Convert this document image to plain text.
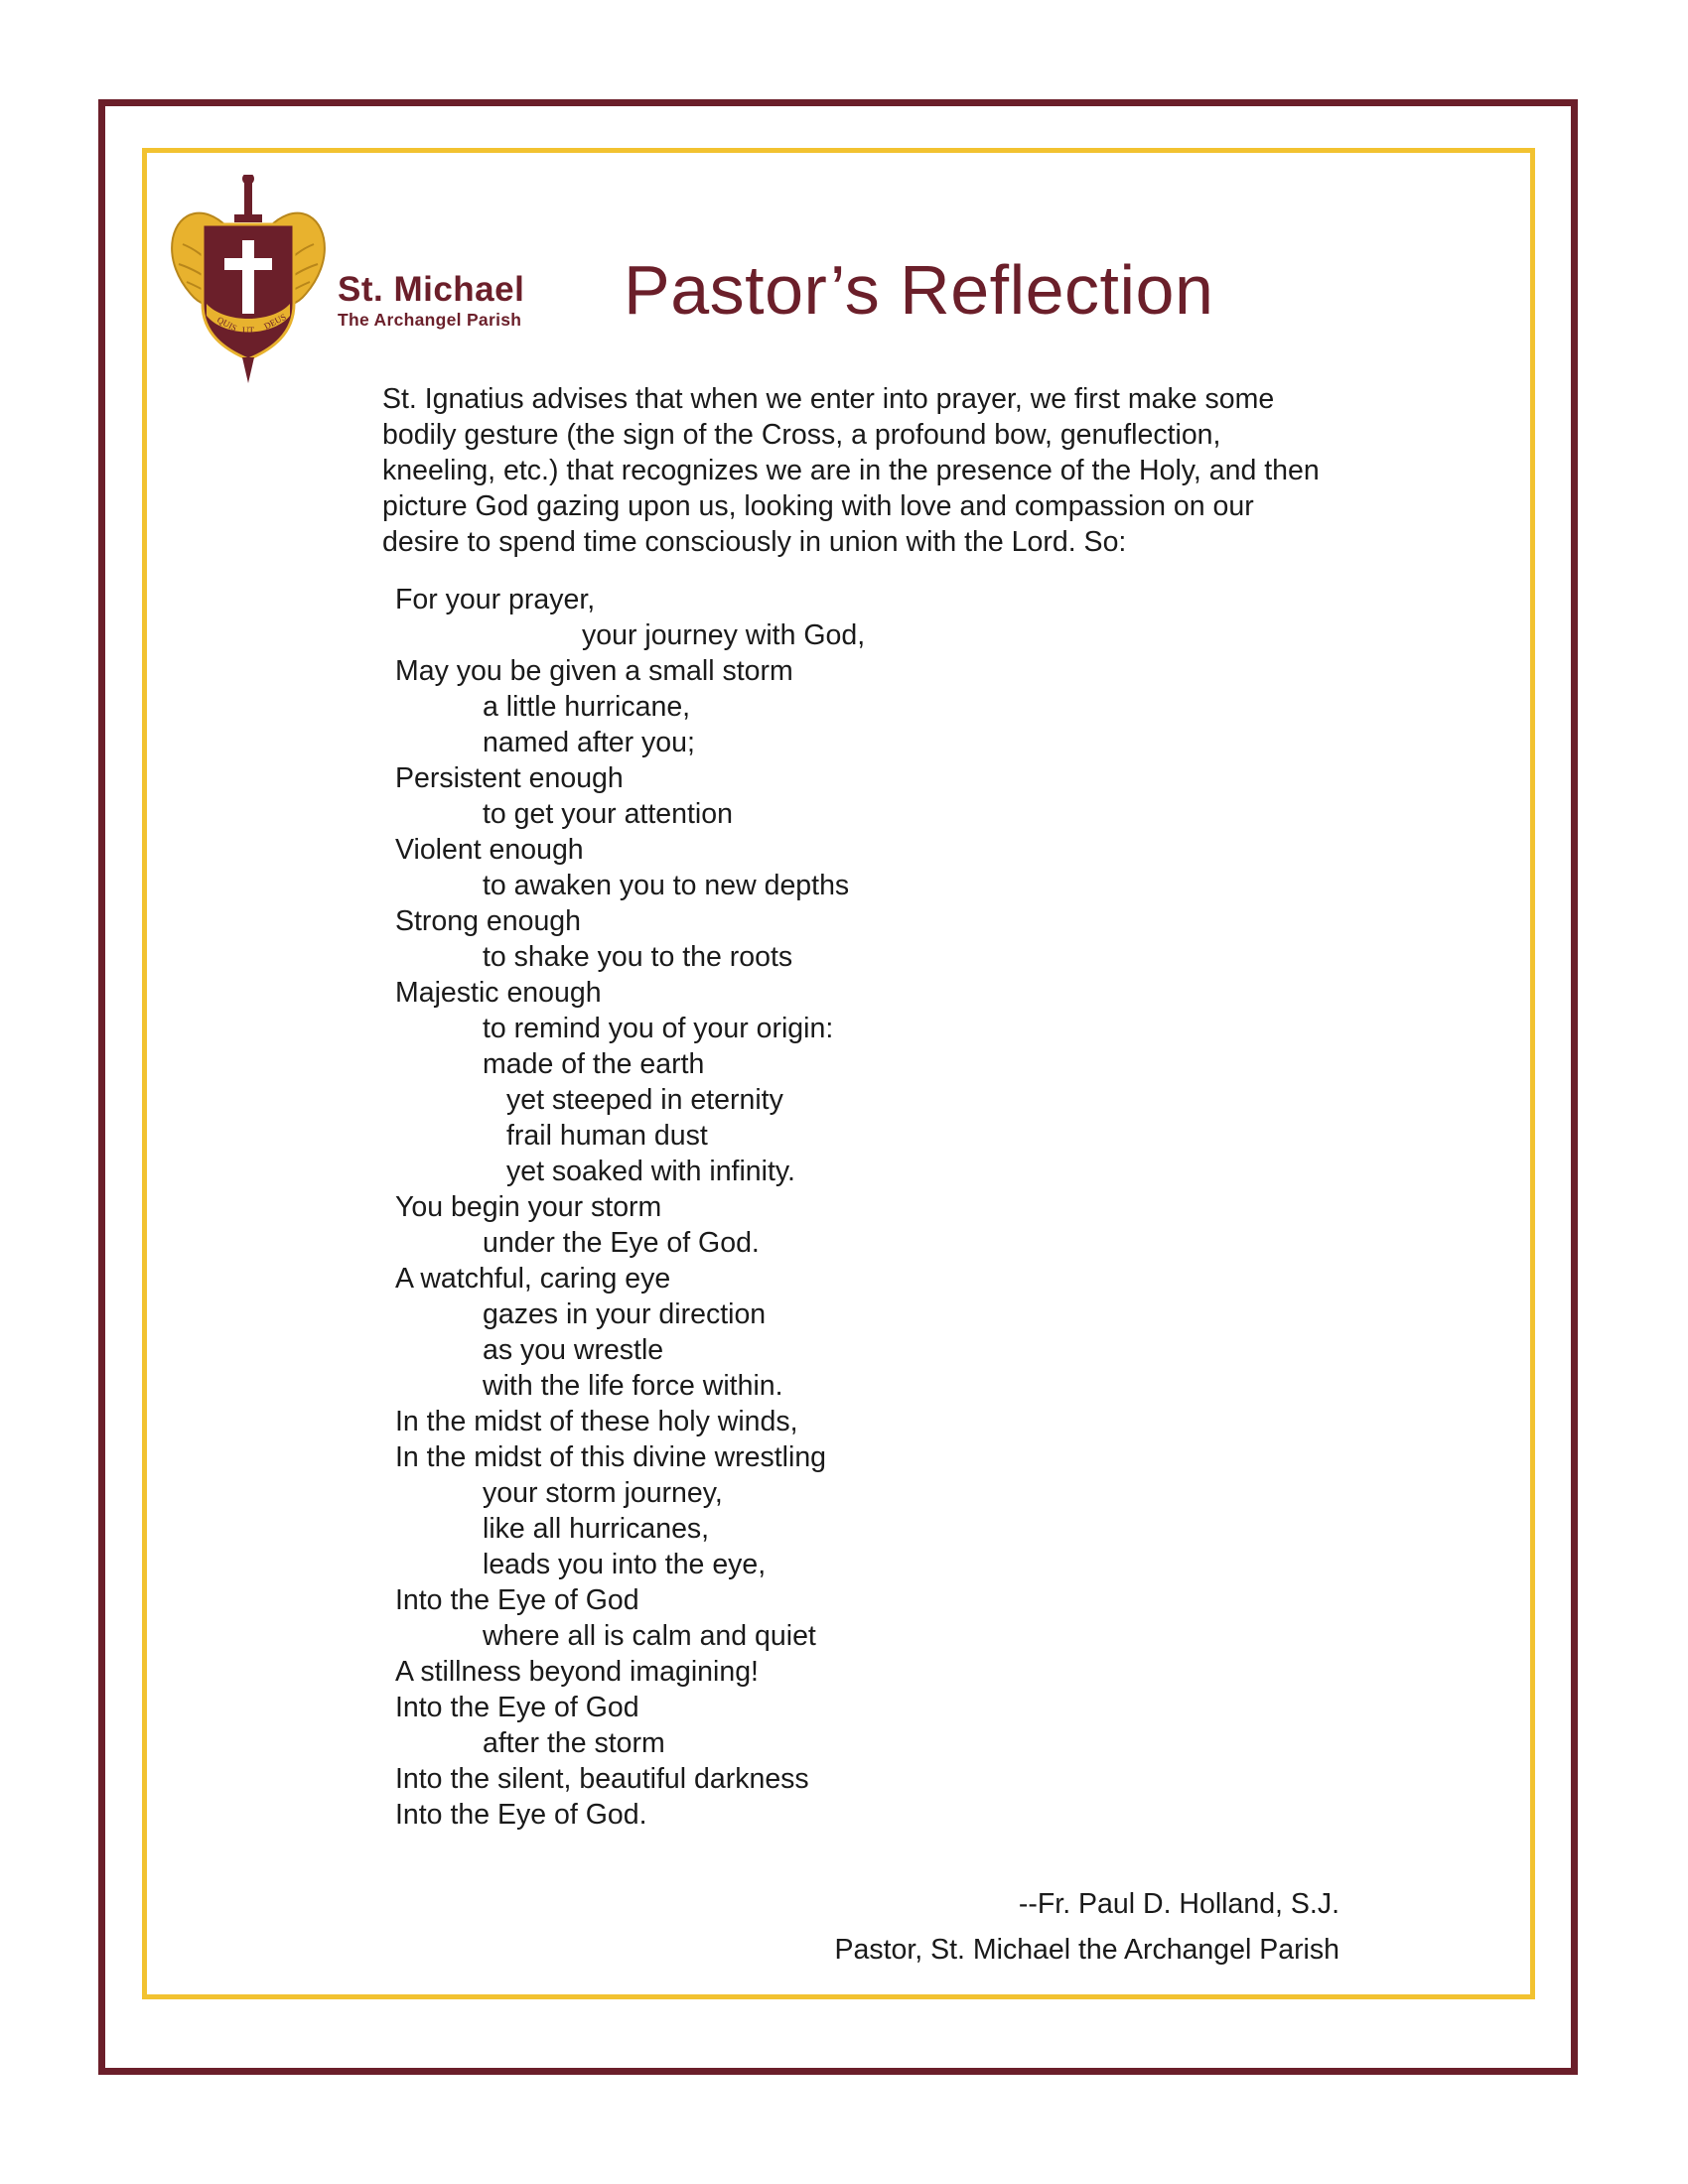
QUIS UT DEUS
St. Michael
The Archangel Parish Pastor’s Reflection

St. Ignatius advises that when we enter into prayer, we first make some bodily gesture (the sign of the Cross, a profound bow, genuflection, kneeling, etc.) that recognizes we are in the presence of the Holy, and then picture God gazing upon us, looking with love and compassion on our desire to spend time consciously in union with the Lord. So:

For your prayer,
your journey with God,
May you be given a small storm
a little hurricane,
named after you;
Persistent enough
to get your attention
Violent enough
to awaken you to new depths
Strong enough
to shake you to the roots
Majestic enough
to remind you of your origin:
made of the earth
yet steeped in eternity
frail human dust
yet soaked with infinity.
You begin your storm
under the Eye of God.
A watchful, caring eye
gazes in your direction
as you wrestle
with the life force within.
In the midst of these holy winds,
In the midst of this divine wrestling
your storm journey,
like all hurricanes,
leads you into the eye,
Into the Eye of God
where all is calm and quiet
A stillness beyond imagining!
Into the Eye of God
after the storm
Into the silent, beautiful darkness
Into the Eye of God.
--Fr. Paul D. Holland, S.J.
Pastor, St. Michael the Archangel Parish
